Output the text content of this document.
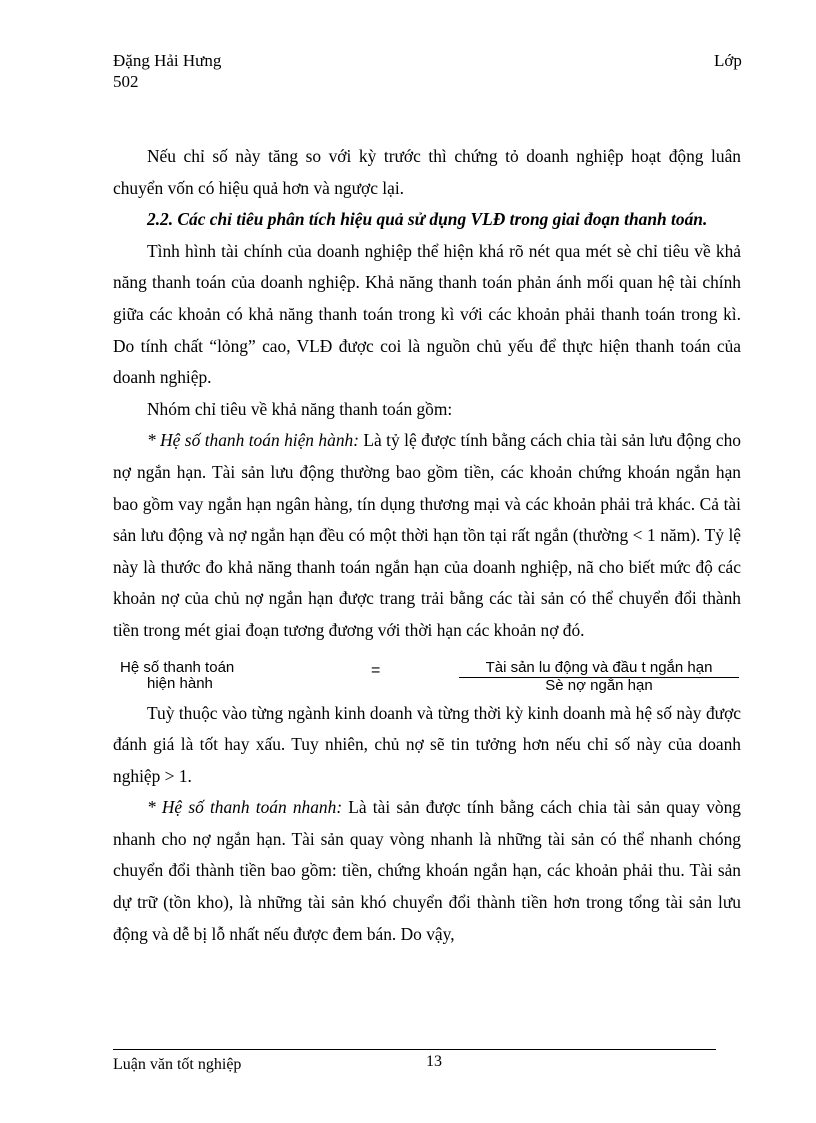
Đặng Hải Hưng
502
Lớp

Nếu chỉ số này tăng so với kỳ trước thì chứng tỏ doanh nghiệp hoạt động luân chuyển vốn có hiệu quả hơn và ngược lại.

2.2. Các chỉ tiêu phân tích hiệu quả sử dụng VLĐ trong giai đoạn thanh toán.

Tình hình tài chính của doanh nghiệp thể hiện khá rõ nét qua mét sè chỉ tiêu về khả năng thanh toán của doanh nghiệp. Khả năng thanh toán phản ánh mối quan hệ tài chính giữa các khoản có khả năng thanh toán trong kì với các khoản phải thanh toán trong kì. Do tính chất “lỏng” cao, VLĐ được coi là nguồn chủ yếu để thực hiện thanh toán của doanh nghiệp.

Nhóm chỉ tiêu về khả năng thanh toán gồm:

* Hệ số thanh toán hiện hành: Là tỷ lệ được tính bằng cách chia tài sản lưu động cho nợ ngắn hạn. Tài sản lưu động thường bao gồm tiền, các khoản chứng khoán ngắn hạn bao gồm vay ngắn hạn ngân hàng, tín dụng thương mại và các khoản phải trả khác. Cả tài sản lưu động và nợ ngắn hạn đều có một thời hạn tồn tại rất ngắn (thường < 1 năm). Tỷ lệ này là thước đo khả năng thanh toán ngắn hạn của doanh nghiệp, nã cho biết mức độ các khoản nợ của chủ nợ ngắn hạn được trang trải bằng các tài sản có thể chuyển đổi thành tiền trong mét giai đoạn tương đương với thời hạn các khoản nợ đó.

Hệ số thanh toán
hiện hành
=	Tài sản lu động và đầu t ngắn hạn
Sè nợ ngắn hạn

Tuỳ thuộc vào từng ngành kinh doanh và từng thời kỳ kinh doanh mà hệ số này được đánh giá là tốt hay xấu. Tuy nhiên, chủ nợ sẽ tin tưởng hơn nếu chỉ số này của doanh nghiệp > 1.

* Hệ số thanh toán nhanh: Là tài sản được tính bằng cách chia tài sản quay vòng nhanh cho nợ ngắn hạn. Tài sản quay vòng nhanh là những tài sản có thể nhanh chóng chuyển đổi thành tiền bao gồm: tiền, chứng khoán ngắn hạn, các khoản phải thu. Tài sản dự trữ (tồn kho), là những tài sản khó chuyển đổi thành tiền hơn trong tổng tài sản lưu động và dễ bị lỗ nhất nếu được đem bán. Do vậy,

Luận văn tốt nghiệp	13
